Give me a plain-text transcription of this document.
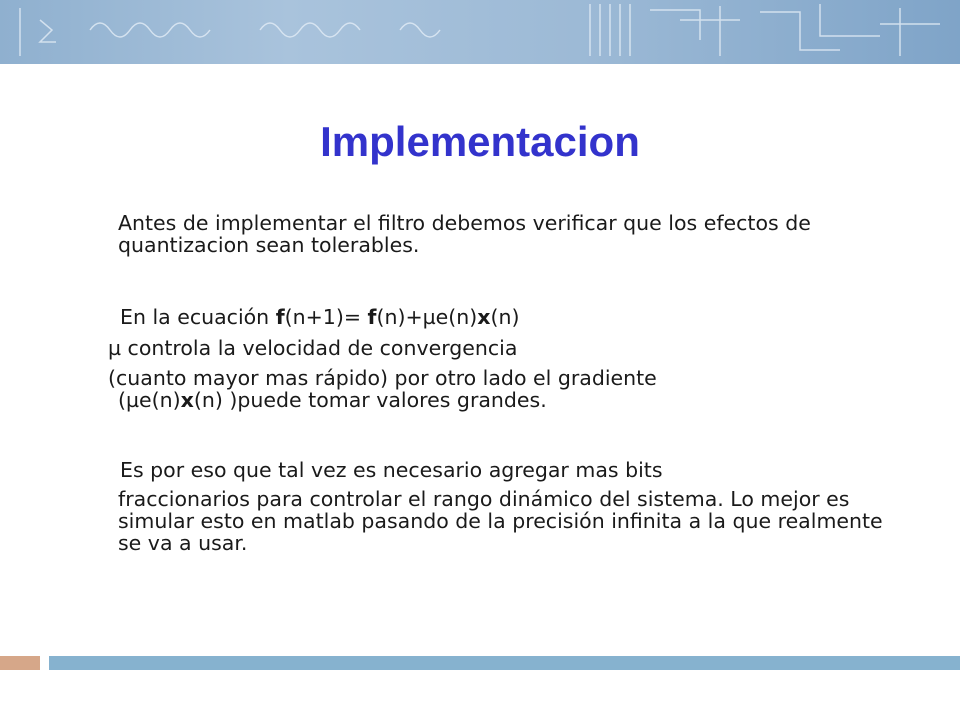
Implementacion

Antes de implementar el filtro debemos verificar que los efectos de quantizacion sean tolerables.

En la ecuación f(n+1)= f(n)+µe(n)x(n)

µ controla la velocidad de convergencia

(cuanto mayor mas rápido) por otro lado el gradiente
(µe(n)x(n) )puede tomar valores grandes.

Es por eso que tal vez es necesario agregar mas bits

fraccionarios para controlar el rango dinámico del sistema. Lo mejor es simular esto en matlab pasando de la precisión infinita a la que realmente se va a usar.
